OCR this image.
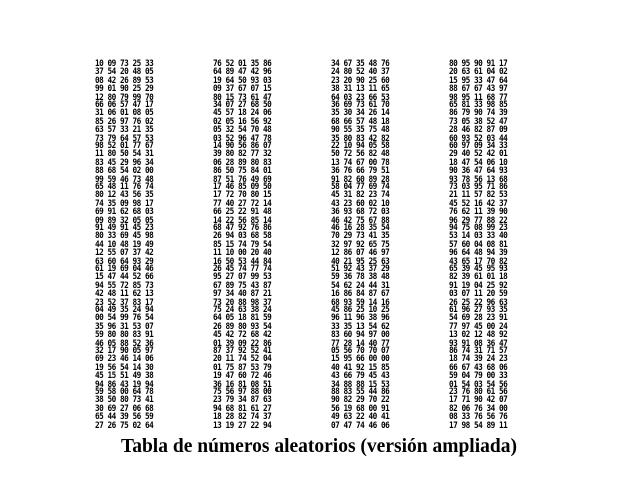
10 09 73 25 33
37 54 20 48 05
08 42 26 89 53
99 01 90 25 29
12 80 79 99 70
76 52 01 35 86
64 89 47 42 96
19 64 50 93 03
09 37 67 07 15
80 15 73 61 47
34 67 35 48 76
24 80 52 40 37
23 20 90 25 60
38 31 13 11 65
64 03 23 66 53
80 95 90 91 17
20 63 61 04 02
15 95 33 47 64
88 67 67 43 97
98 95 11 68 77
66 06 57 47 17
31 06 01 08 05
85 26 97 76 02
63 57 33 21 35
73 79 64 57 53
34 07 27 68 50
45 57 18 24 06
02 05 16 56 92
05 32 54 70 48
03 52 96 47 78
36 69 73 61 70
35 30 34 26 14
68 66 57 48 18
90 55 35 75 48
35 80 83 42 82
65 81 33 98 85
86 79 90 74 39
73 05 38 52 47
28 46 82 87 09
60 93 52 03 44
98 52 01 77 67
11 80 50 54 31
83 45 29 96 34
88 68 54 02 00
99 59 46 73 48
14 90 56 86 07
39 80 82 77 32
06 28 89 80 83
86 50 75 84 01
87 51 76 49 69
22 10 94 05 58
50 72 56 82 48
13 74 67 00 78
36 76 66 79 51
91 82 60 89 28
60 97 09 34 33
29 40 52 42 01
18 47 54 06 10
90 36 47 64 93
93 78 56 13 68
65 48 11 76 74
80 12 43 56 35
74 35 09 98 17
69 91 62 68 03
09 89 32 05 05
17 46 85 09 50
17 72 70 80 15
77 40 27 72 14
66 25 22 91 48
14 22 56 85 14
58 04 77 69 74
45 31 82 23 74
43 23 60 02 10
36 93 68 72 03
46 42 75 67 88
73 03 95 71 86
21 11 57 82 53
45 52 16 42 37
76 62 11 39 90
96 29 77 88 22
91 49 91 45 23
80 33 69 45 98
44 10 48 19 49
12 55 07 37 42
63 60 64 93 29
68 47 92 76 86
26 94 03 68 58
85 15 74 79 54
11 10 00 20 40
16 50 53 44 84
46 16 28 35 54
70 29 73 41 35
32 97 92 65 75
12 86 07 46 97
40 21 95 25 63
94 75 08 99 23
53 14 03 33 40
57 60 04 08 81
96 64 48 94 39
43 65 17 70 82
61 19 69 04 46
15 47 44 52 66
94 55 72 85 73
42 48 11 62 13
23 52 37 83 17
26 45 74 77 74
95 27 07 99 53
67 89 75 43 87
97 34 40 87 21
73 20 88 98 37
51 92 43 37 29
59 36 78 38 48
54 62 24 44 31
16 86 84 87 67
68 93 59 14 16
65 39 45 95 93
82 39 61 01 18
91 19 04 25 92
03 07 11 20 59
26 25 22 96 63
04 49 35 24 94
00 54 99 76 54
35 96 31 53 07
59 80 80 83 91
46 05 88 52 36
75 24 63 38 24
64 05 18 81 59
26 89 80 93 54
45 42 72 68 42
01 39 09 22 86
45 86 25 10 25
96 11 96 38 96
33 35 13 54 62
83 60 94 97 00
77 28 14 40 77
61 96 27 93 35
54 69 28 23 91
77 97 45 00 24
13 02 12 48 92
93 91 08 36 47
32 17 90 05 97
69 23 46 14 06
19 56 54 14 30
45 15 51 49 38
94 86 43 19 94
87 37 92 52 41
20 11 74 52 04
01 75 87 53 79
19 47 60 72 46
36 16 81 08 51
05 56 70 70 07
15 95 66 00 00
40 41 92 15 85
43 66 79 45 43
34 88 88 15 53
86 74 31 71 57
18 74 39 24 23
66 67 43 68 06
59 04 79 00 33
01 54 03 54 56
59 58 00 64 78
38 50 80 73 41
30 69 27 06 68
65 44 39 56 59
27 26 75 02 64
75 56 97 88 00
23 79 34 87 63
94 68 81 61 27
18 28 82 74 37
13 19 27 22 94
88 83 55 44 86
90 82 29 70 22
56 19 68 00 91
49 63 22 40 41
07 47 74 46 06
23 76 80 61 56
17 71 90 42 07
82 06 76 34 00
08 33 76 56 76
17 98 54 89 11
Tabla de números aleatorios (versión ampliada)
